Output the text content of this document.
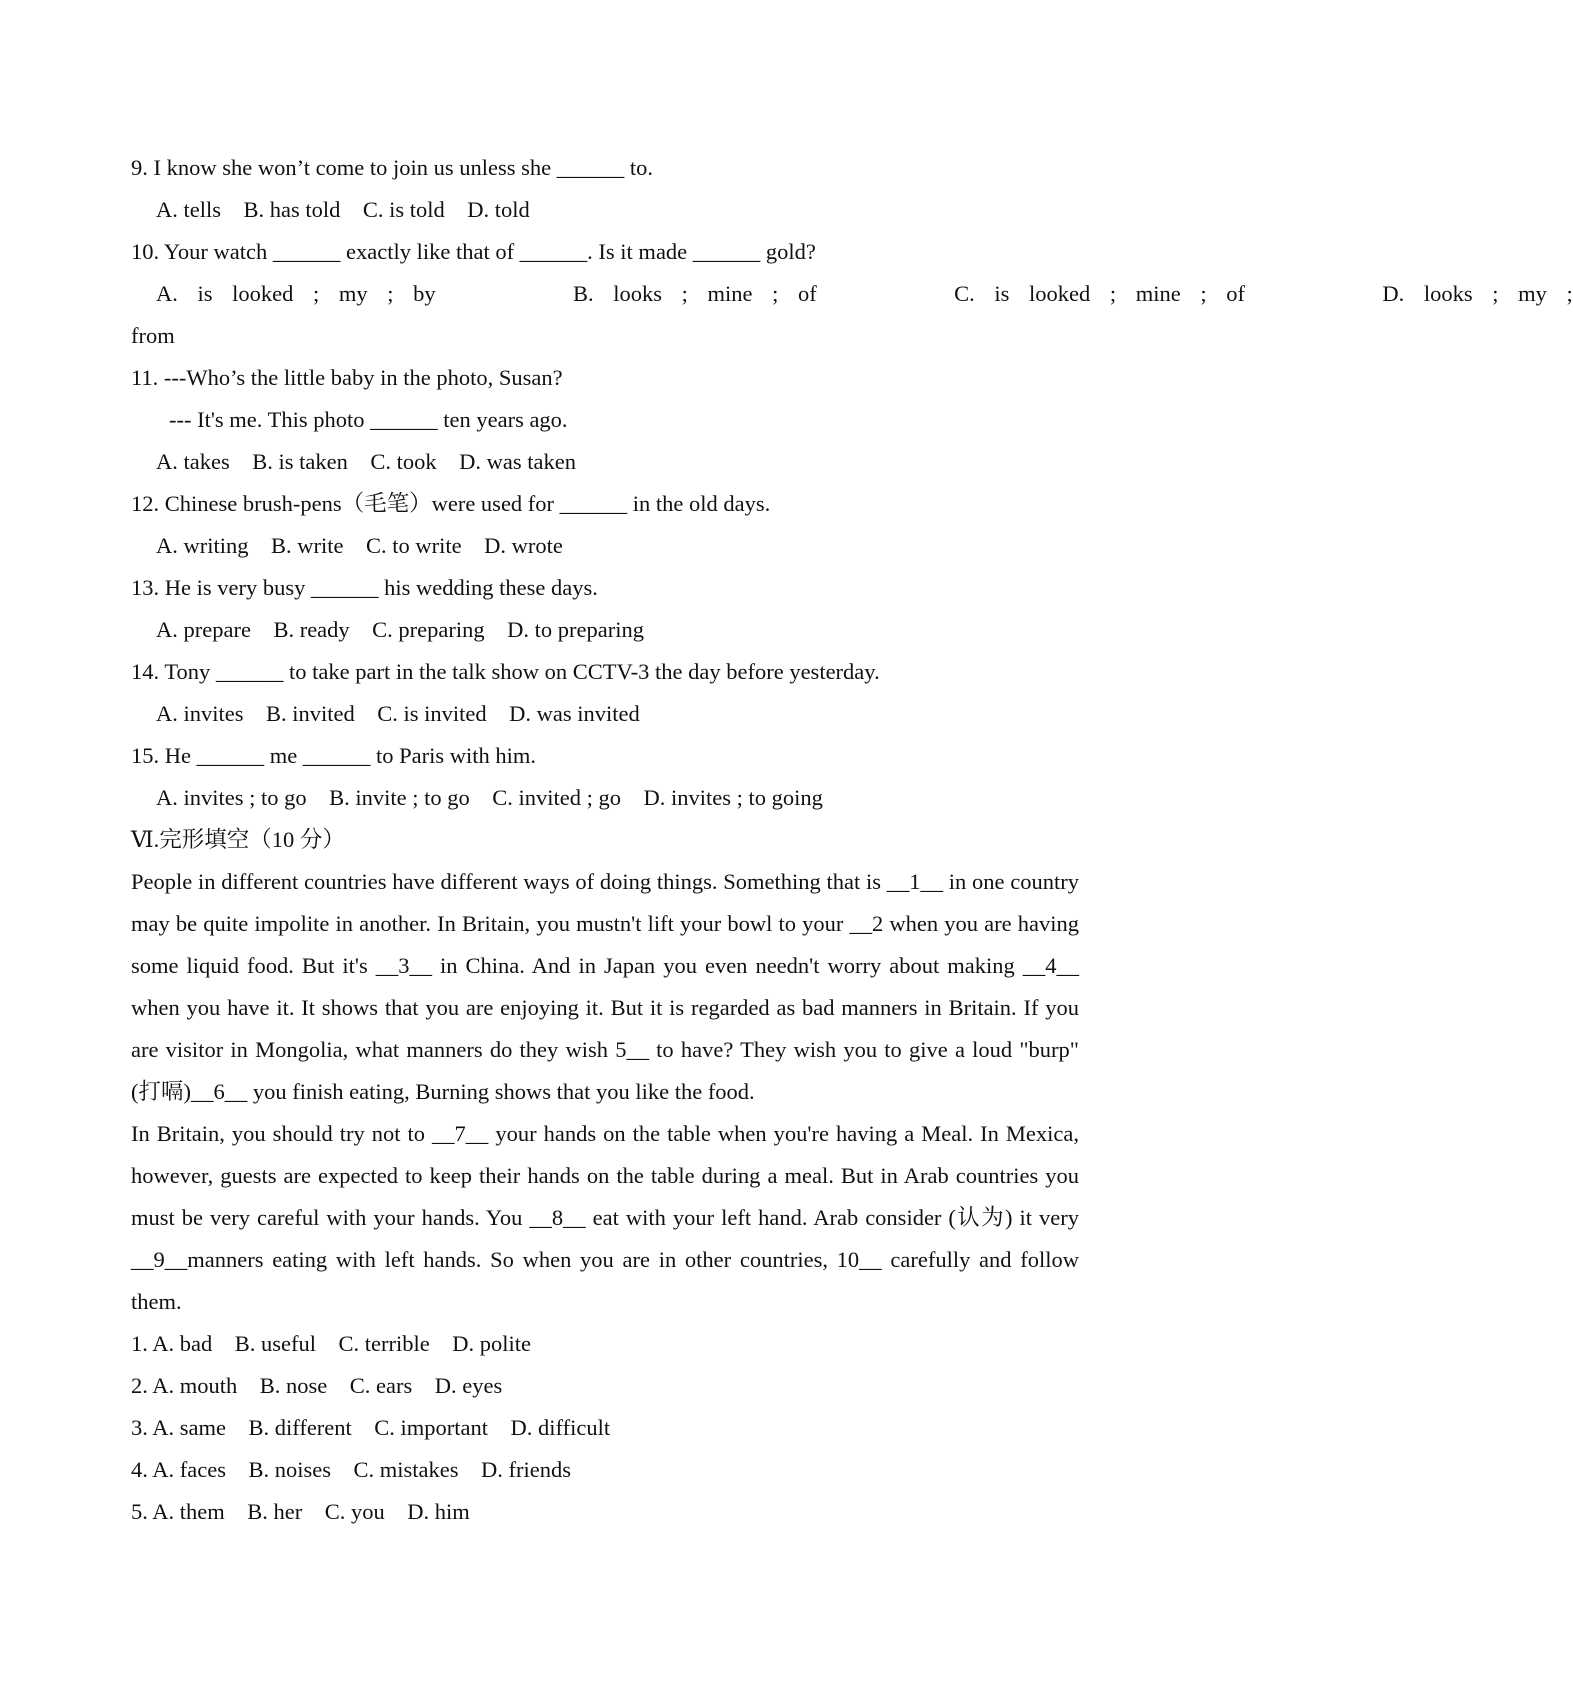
9. I know she won’t come to join us unless she ______ to.
A. tells    B. has told    C. is told    D. told
10. Your watch ______ exactly like that of ______. Is it made ______ gold?
A. is looked ; my ; by       B. looks ; mine ; of       C. is looked ; mine ; of       D. looks ; my ;
from
11. ---Who’s the little baby in the photo, Susan?
--- It's me. This photo ______ ten years ago.
A. takes    B. is taken    C. took    D. was taken
12. Chinese brush-pens（毛笔）were used for ______ in the old days.
A. writing    B. write    C. to write    D. wrote
13. He is very busy ______ his wedding these days.
A. prepare    B. ready    C. preparing    D. to preparing
14. Tony ______ to take part in the talk show on CCTV-3 the day before yesterday.
A. invites    B. invited    C. is invited    D. was invited
15. He ______ me ______ to Paris with him.
A. invites ; to go    B. invite ; to go    C. invited ; go    D. invites ; to going
Ⅵ.完形填空（10 分）

People in different countries have different ways of doing things. Something that is __1__ in one country may be quite impolite in another. In Britain, you mustn't lift your bowl to your __2 when you are having some liquid food. But it's __3__ in China. And in Japan you even needn't worry about making __4__ when you have it. It shows that you are enjoying it. But it is regarded as bad manners in Britain. If you are visitor in Mongolia, what manners do they wish 5__ to have? They wish you to give a loud "burp" (打嗝)__6__ you finish eating, Burning shows that you like the food.

In Britain, you should try not to __7__ your hands on the table when you're having a Meal. In Mexica, however, guests are expected to keep their hands on the table during a meal. But in Arab countries you must be very careful with your hands. You __8__ eat with your left hand. Arab consider (认为) it very __9__manners eating with left hands. So when you are in other countries, 10__ carefully and follow them.

1. A. bad    B. useful    C. terrible    D. polite
2. A. mouth    B. nose    C. ears    D. eyes
3. A. same    B. different    C. important    D. difficult
4. A. faces    B. noises    C. mistakes    D. friends
5. A. them    B. her    C. you    D. him
